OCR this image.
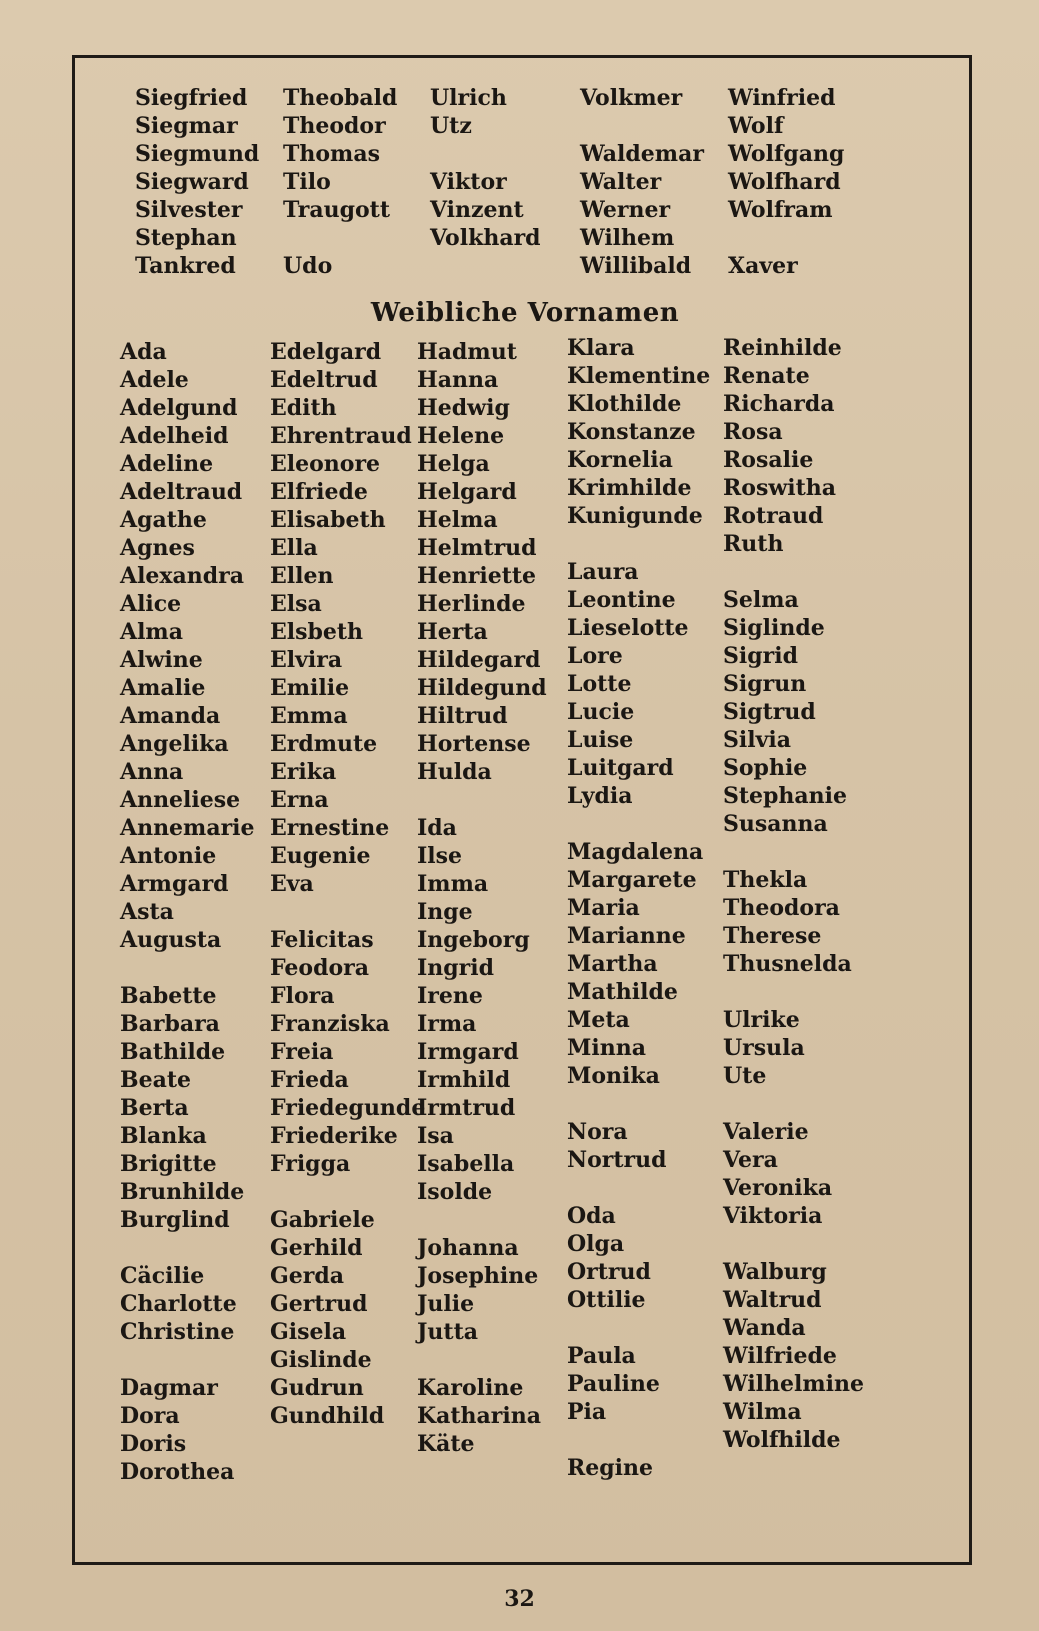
Siegfried
Siegmar
Siegmund
Siegward
Silvester
Stephan
Tankred
Theobald
Theodor
Thomas
Tilo
Traugott

Udo
Ulrich
Utz

Viktor
Vinzent
Volkhard

Volkmer

Waldemar
Walter
Werner
Wilhem
Willibald
Winfried
Wolf
Wolfgang
Wolfhard
Wolfram

Xaver
Weibliche Vornamen
Ada
Adele
Adelgund
Adelheid
Adeline
Adeltraud
Agathe
Agnes
Alexandra
Alice
Alma
Alwine
Amalie
Amanda
Angelika
Anna
Anneliese
Annemarie
Antonie
Armgard
Asta
Augusta

Babette
Barbara
Bathilde
Beate
Berta
Blanka
Brigitte
Brunhilde
Burglind

Cäcilie
Charlotte
Christine

Dagmar
Dora
Doris
Dorothea
Edelgard
Edeltrud
Edith
Ehrentraud
Eleonore
Elfriede
Elisabeth
Ella
Ellen
Elsa
Elsbeth
Elvira
Emilie
Emma
Erdmute
Erika
Erna
Ernestine
Eugenie
Eva

Felicitas
Feodora
Flora
Franziska
Freia
Frieda
Friedegunde
Friederike
Frigga

Gabriele
Gerhild
Gerda
Gertrud
Gisela
Gislinde
Gudrun
Gundhild
Hadmut
Hanna
Hedwig
Helene
Helga
Helgard
Helma
Helmtrud
Henriette
Herlinde
Herta
Hildegard
Hildegund
Hiltrud
Hortense
Hulda

Ida
Ilse
Imma
Inge
Ingeborg
Ingrid
Irene
Irma
Irmgard
Irmhild
Irmtrud
Isa
Isabella
Isolde

Johanna
Josephine
Julie
Jutta

Karoline
Katharina
Käte
Klara
Klementine
Klothilde
Konstanze
Kornelia
Krimhilde
Kunigunde

Laura
Leontine
Lieselotte
Lore
Lotte
Lucie
Luise
Luitgard
Lydia

Magdalena
Margarete
Maria
Marianne
Martha
Mathilde
Meta
Minna
Monika

Nora
Nortrud

Oda
Olga
Ortrud
Ottilie

Paula
Pauline
Pia

Regine
Reinhilde
Renate
Richarda
Rosa
Rosalie
Roswitha
Rotraud
Ruth

Selma
Siglinde
Sigrid
Sigrun
Sigtrud
Silvia
Sophie
Stephanie
Susanna

Thekla
Theodora
Therese
Thusnelda

Ulrike
Ursula
Ute

Valerie
Vera
Veronika
Viktoria

Walburg
Waltrud
Wanda
Wilfriede
Wilhelmine
Wilma
Wolfhilde
32
